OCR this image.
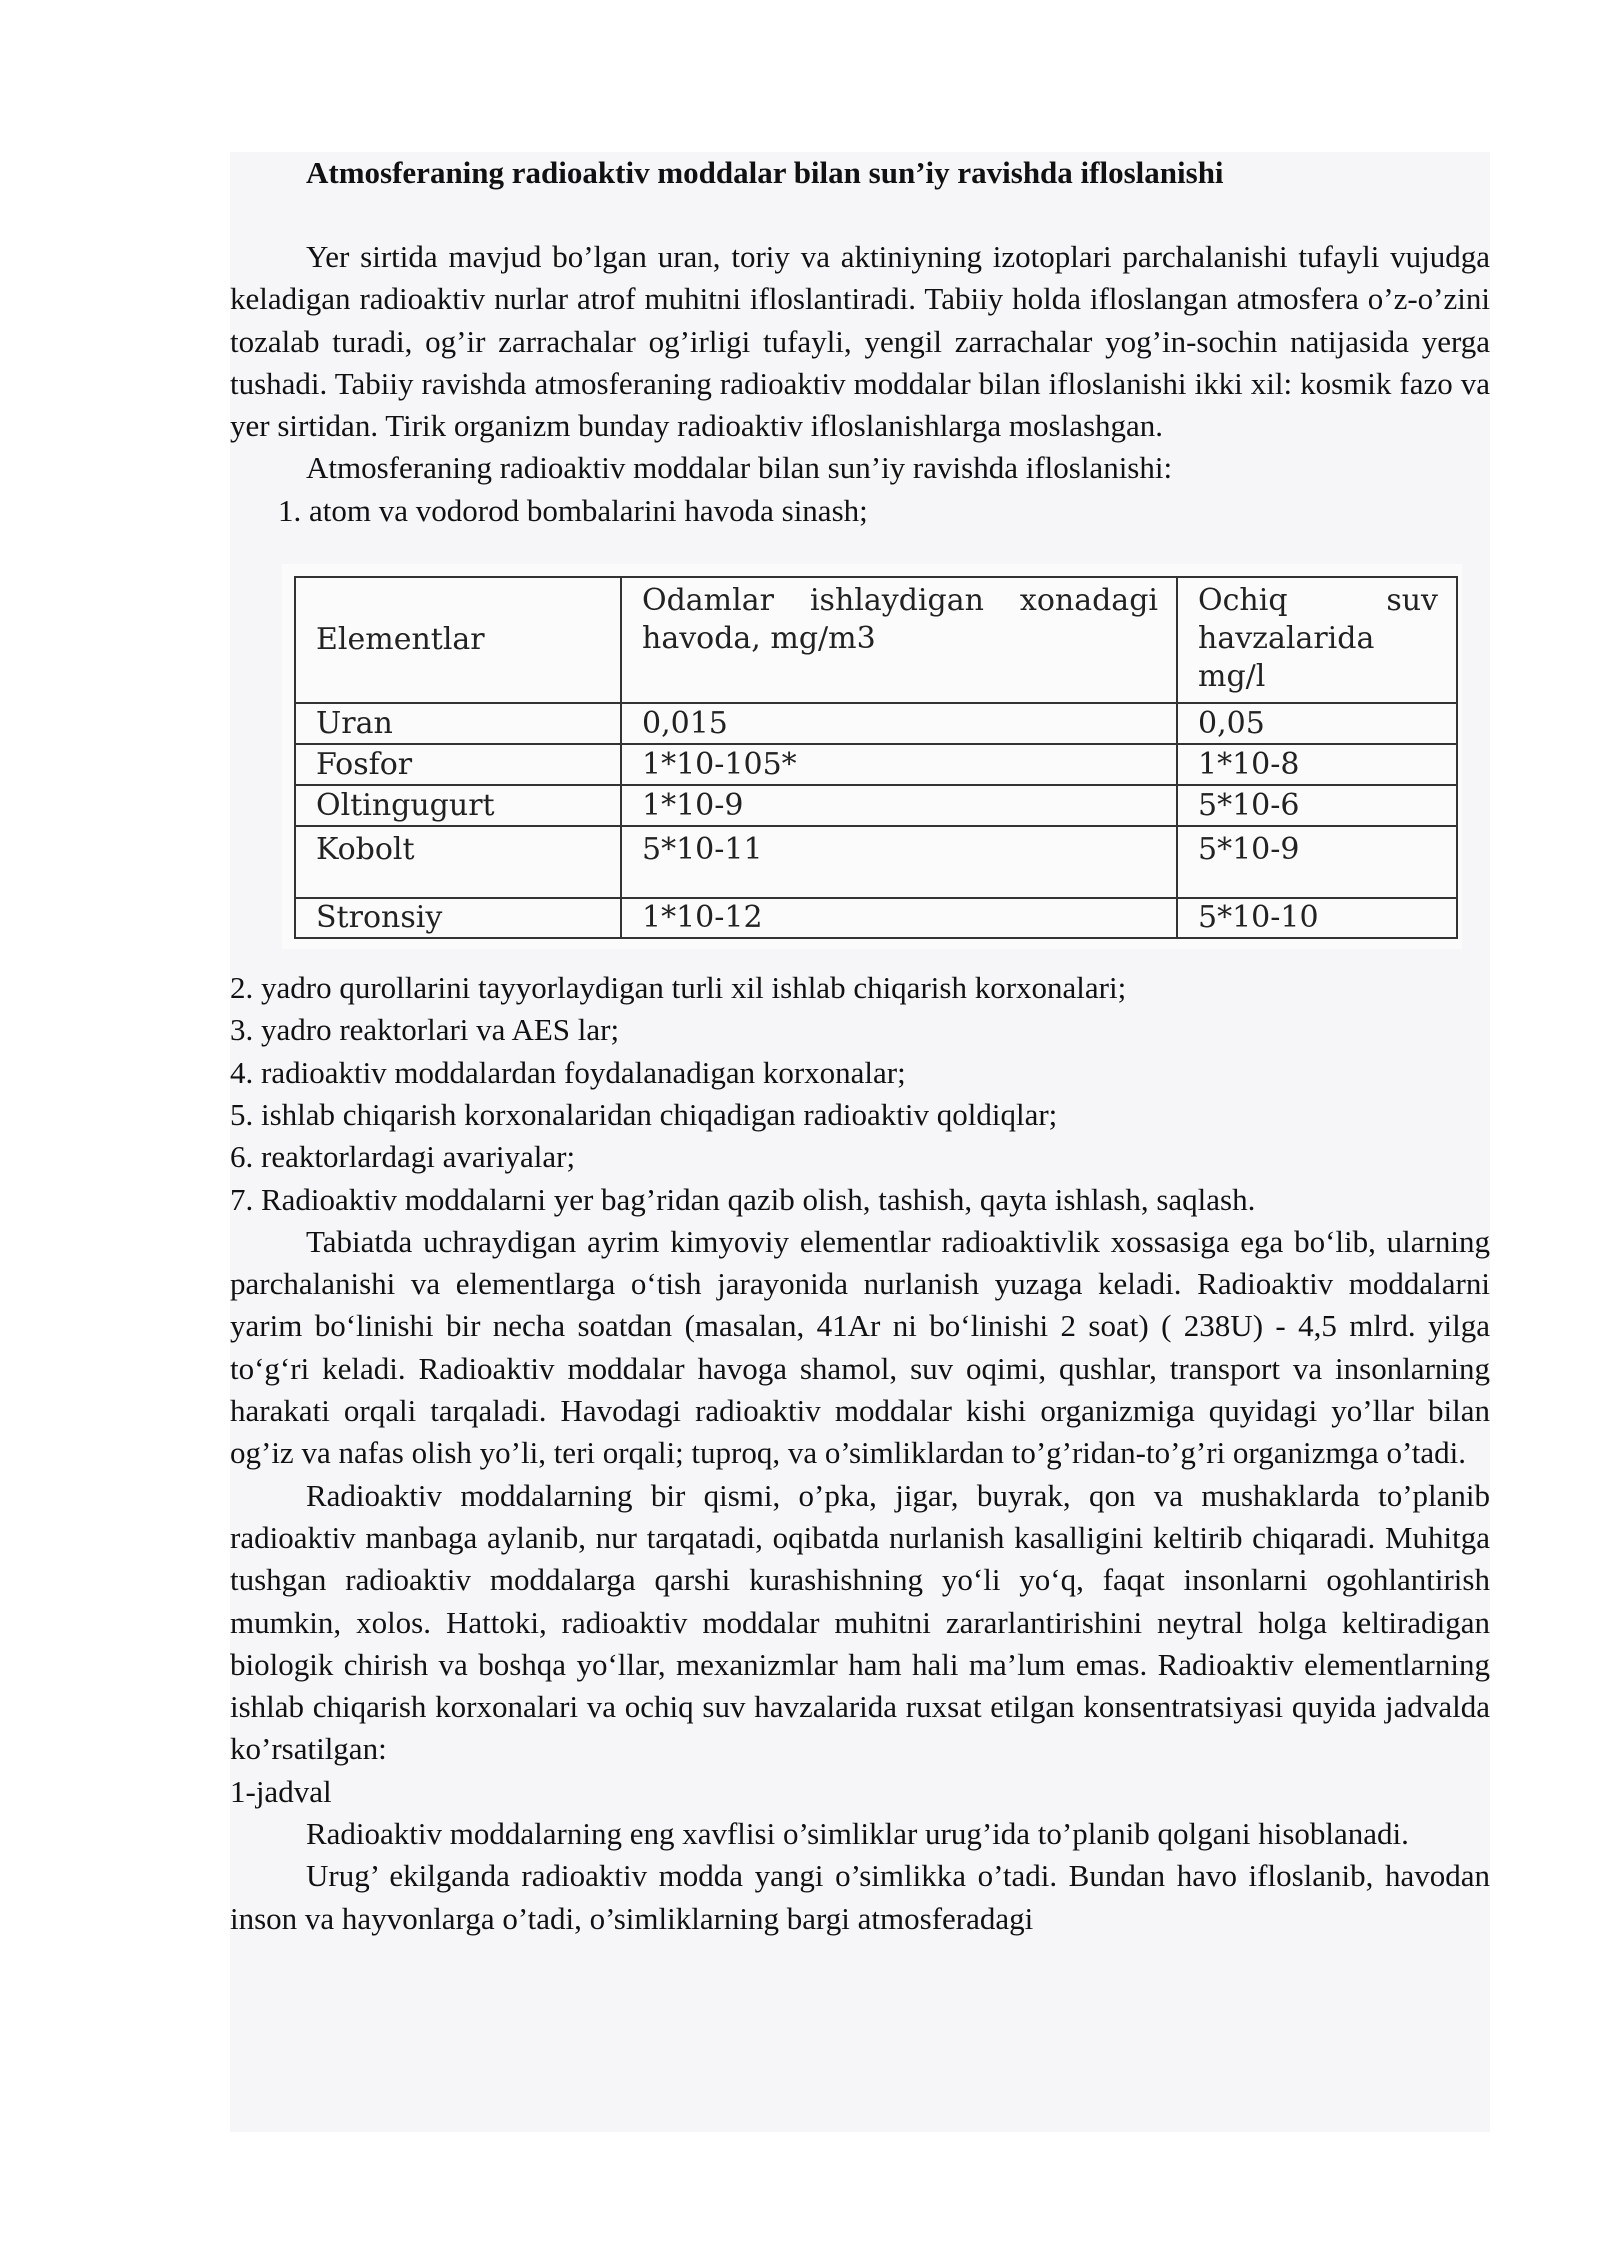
Atmosferaning radioaktiv moddalar bilan sun’iy ravishda ifloslanishi

Yer sirtida mavjud bo’lgan uran, toriy va aktiniyning izotoplari parchalanishi tufayli vujudga keladigan radioaktiv nurlar atrof muhitni ifloslantiradi. Tabiiy holda ifloslangan atmosfera o’z-o’zini tozalab turadi, og’ir zarrachalar og’irligi tufayli, yengil zarrachalar yog’in-sochin natijasida yerga tushadi. Tabiiy ravishda atmosferaning radioaktiv moddalar bilan ifloslanishi ikki xil: kosmik fazo va yer sirtidan. Tirik organizm bunday radioaktiv ifloslanishlarga moslashgan.

Atmosferaning radioaktiv moddalar bilan sun’iy ravishda ifloslanishi:

1. atom va vodorod bombalarini havoda sinash;

Elementlar	Odamlar ishlaydigan xonadagi havoda, mg/m3	Ochiq suv havzalarida mg/l
Uran	0,015	0,05
Fosfor	1*10-105*	1*10-8
Oltingugurt	1*10-9	5*10-6
Kobolt	5*10-11	5*10-9
Stronsiy	1*10-12	5*10-10

2. yadro qurollarini tayyorlaydigan turli xil ishlab chiqarish korxonalari;

3. yadro reaktorlari va AES lar;

4. radioaktiv moddalardan foydalanadigan korxonalar;

5. ishlab chiqarish korxonalaridan chiqadigan radioaktiv qoldiqlar;

6. reaktorlardagi avariyalar;

7. Radioaktiv moddalarni yer bag’ridan qazib olish, tashish, qayta ishlash, saqlash.

Tabiatda uchraydigan ayrim kimyoviy elementlar radioaktivlik xossasiga ega bo‘lib, ularning parchalanishi va elementlarga o‘tish jarayonida nurlanish yuzaga keladi. Radioaktiv moddalarni yarim bo‘linishi bir necha soatdan (masalan, 41Ar ni bo‘linishi 2 soat) ( 238U) - 4,5 mlrd. yilga to‘g‘ri keladi. Radioaktiv moddalar havoga shamol, suv oqimi, qushlar, transport va insonlarning harakati orqali tarqaladi. Havodagi radioaktiv moddalar kishi organizmiga quyidagi yo’llar bilan og’iz va nafas olish yo’li, teri orqali; tuproq, va o’simliklardan to’g’ridan-to’g’ri organizmga o’tadi.

Radioaktiv moddalarning bir qismi, o’pka, jigar, buyrak, qon va mushaklarda to’planib radioaktiv manbaga aylanib, nur tarqatadi, oqibatda nurlanish kasalligini keltirib chiqaradi. Muhitga tushgan radioaktiv moddalarga qarshi kurashishning yo‘li yo‘q, faqat insonlarni ogohlantirish mumkin, xolos. Hattoki, radioaktiv moddalar muhitni zararlantirishini neytral holga keltiradigan biologik chirish va boshqa yo‘llar, mexanizmlar ham hali ma’lum emas. Radioaktiv elementlarning ishlab chiqarish korxonalari va ochiq suv havzalarida ruxsat etilgan konsentratsiyasi quyida jadvalda ko’rsatilgan:

1-jadval

Radioaktiv moddalarning eng xavflisi o’simliklar urug’ida to’planib qolgani hisoblanadi.

Urug’ ekilganda radioaktiv modda yangi o’simlikka o’tadi. Bundan havo ifloslanib, havodan inson va hayvonlarga o’tadi, o’simliklarning bargi atmosferadagi
